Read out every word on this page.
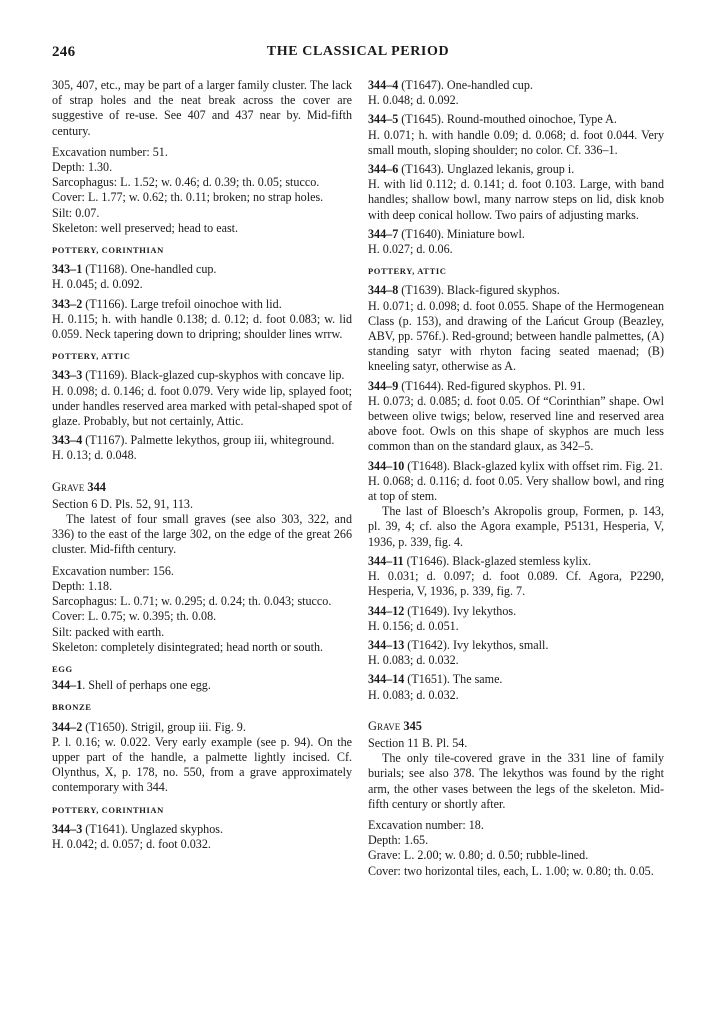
246	THE CLASSICAL PERIOD

305, 407, etc., may be part of a larger family cluster. The lack of strap holes and the neat break across the cover are suggestive of re-use. See 407 and 437 near by. Mid-fifth century.

Excavation number: 51.

Depth: 1.30.

Sarcophagus: L. 1.52; w. 0.46; d. 0.39; th. 0.05; stucco.

Cover: L. 1.77; w. 0.62; th. 0.11; broken; no strap holes.

Silt: 0.07.

Skeleton: well preserved; head to east.

POTTERY, CORINTHIAN
343–1 (T1168). One-handled cup.
H. 0.045; d. 0.092.
343–2 (T1166). Large trefoil oinochoe with lid.
H. 0.115; h. with handle 0.138; d. 0.12; d. foot 0.083; w. lid 0.059. Neck tapering down to dripring; shoulder lines wrrw.
POTTERY, ATTIC
343–3 (T1169). Black-glazed cup-skyphos with concave lip.
H. 0.098; d. 0.146; d. foot 0.079. Very wide lip, splayed foot; under handles reserved area marked with petal-shaped spot of glaze. Probably, but not certainly, Attic.
343–4 (T1167). Palmette lekythos, group iii, whiteground.
H. 0.13; d. 0.048.
Grave 344

Section 6 D. Pls. 52, 91, 113.

The latest of four small graves (see also 303, 322, and 336) to the east of the large 302, on the edge of the great 266 cluster. Mid-fifth century.

Excavation number: 156.

Depth: 1.18.

Sarcophagus: L. 0.71; w. 0.295; d. 0.24; th. 0.043; stucco.

Cover: L. 0.75; w. 0.395; th. 0.08.

Silt: packed with earth.

Skeleton: completely disintegrated; head north or south.

EGG

344–1. Shell of perhaps one egg.

BRONZE
344–2 (T1650). Strigil, group iii. Fig. 9.
P. l. 0.16; w. 0.022. Very early example (see p. 94). On the upper part of the handle, a palmette lightly incised. Cf. Olynthus, X, p. 178, no. 550, from a grave approximately contemporary with 344.
POTTERY, CORINTHIAN
344–3 (T1641). Unglazed skyphos.
H. 0.042; d. 0.057; d. foot 0.032.
344–4 (T1647). One-handled cup.
H. 0.048; d. 0.092.
344–5 (T1645). Round-mouthed oinochoe, Type A.
H. 0.071; h. with handle 0.09; d. 0.068; d. foot 0.044. Very small mouth, sloping shoulder; no color. Cf. 336–1.
344–6 (T1643). Unglazed lekanis, group i.
H. with lid 0.112; d. 0.141; d. foot 0.103. Large, with band handles; shallow bowl, many narrow steps on lid, disk knob with deep conical hollow. Two pairs of adjusting marks.
344–7 (T1640). Miniature bowl.
H. 0.027; d. 0.06.
POTTERY, ATTIC
344–8 (T1639). Black-figured skyphos.
H. 0.071; d. 0.098; d. foot 0.055. Shape of the Hermogenean Class (p. 153), and drawing of the Lańcut Group (Beazley, ABV, pp. 576f.). Red-ground; between handle palmettes, (A) standing satyr with rhyton facing seated maenad; (B) kneeling satyr, otherwise as A.
344–9 (T1644). Red-figured skyphos. Pl. 91.
H. 0.073; d. 0.085; d. foot 0.05. Of “Corinthian” shape. Owl between olive twigs; below, reserved line and reserved area above foot. Owls on this shape of skyphos are much less common than on the standard glaux, as 342–5.
344–10 (T1648). Black-glazed kylix with offset rim. Fig. 21.
H. 0.068; d. 0.116; d. foot 0.05. Very shallow bowl, and ring at top of stem.

The last of Bloesch’s Akropolis group, Formen, p. 143, pl. 39, 4; cf. also the Agora example, P5131, Hesperia, V, 1936, p. 339, fig. 4.

344–11 (T1646). Black-glazed stemless kylix.
H. 0.031; d. 0.097; d. foot 0.089. Cf. Agora, P2290, Hesperia, V, 1936, p. 339, fig. 7.
344–12 (T1649). Ivy lekythos.
H. 0.156; d. 0.051.
344–13 (T1642). Ivy lekythos, small.
H. 0.083; d. 0.032.
344–14 (T1651). The same.
H. 0.083; d. 0.032.
Grave 345

Section 11 B. Pl. 54.

The only tile-covered grave in the 331 line of family burials; see also 378. The lekythos was found by the right arm, the other vases between the legs of the skeleton. Mid-fifth century or shortly after.

Excavation number: 18.

Depth: 1.65.

Grave: L. 2.00; w. 0.80; d. 0.50; rubble-lined.

Cover: two horizontal tiles, each, L. 1.00; w. 0.80; th. 0.05.
